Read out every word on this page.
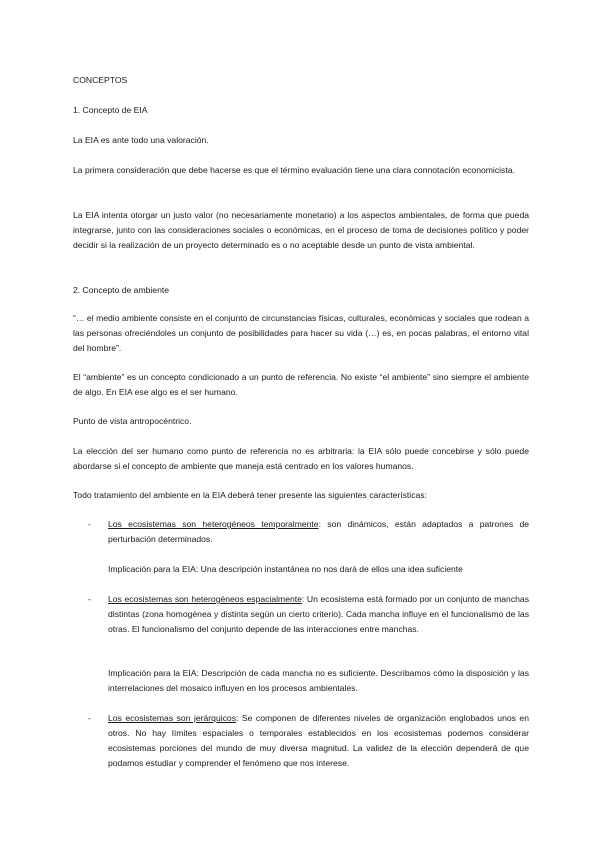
CONCEPTOS

1. Concepto de EIA

La EIA es ante todo una valoración.

La primera consideración que debe hacerse es que el término evaluación tiene una clara connotación economicista.

La EIA intenta otorgar un justo valor (no necesariamente monetario) a los aspectos ambientales, de forma que pueda integrarse, junto con las consideraciones sociales o económicas, en el proceso de toma de decisiones político y poder decidir si la realización de un proyecto determinado es o no aceptable desde un punto de vista ambiental.

2. Concepto de ambiente

“… el medio ambiente consiste en el conjunto de circunstancias físicas, culturales, económicas y sociales que rodean a las personas ofreciéndoles un conjunto de posibilidades para hacer su vida (…) es, en pocas palabras, el entorno vital del hombre”.

El “ambiente” es un concepto condicionado a un punto de referencia. No existe “el ambiente” sino siempre el ambiente de algo. En EIA ese algo es el ser humano.

Punto de vista antropocéntrico.

La elección del ser humano como punto de referencia no es arbitraria: la EIA sólo puede concebirse y sólo puede abordarse si el concepto de ambiente que maneja está centrado en los valores humanos.

Todo tratamiento del ambiente en la EIA deberá tener presente las siguientes características:

-	Los ecosistemas son heterogéneos temporalmente: son dinámicos, están adaptados a patrones de perturbación determinados.

Implicación para la EIA: Una descripción instantánea no nos dará de ellos una idea suficiente

-	Los ecosistemas son heterogéneos espacialmente: Un ecosistema está formado por un conjunto de manchas distintas (zona homogénea y distinta según un cierto criterio). Cada mancha influye en el funcionalismo de las otras. El funcionalismo del conjunto depende de las interacciones entre manchas.

Implicación para la EIA: Descripción de cada mancha no es suficiente. Describamos cómo la disposición y las interrelaciones del mosaico influyen en los procesos ambientales.

-	Los ecosistemas son jerárquicos: Se componen de diferentes niveles de organización englobados unos en otros. No hay límites espaciales o temporales establecidos en los ecosistemas podemos considerar ecosistemas porciones del mundo de muy diversa magnitud. La validez de la elección dependerá de que podamos estudiar y comprender el fenómeno que nos interese.
